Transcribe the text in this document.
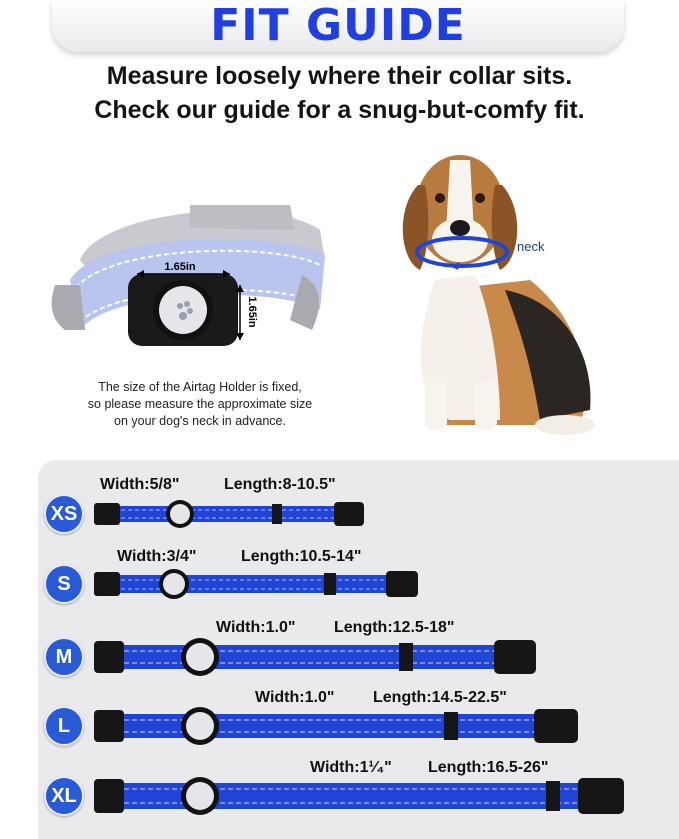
FIT GUIDE
Measure loosely where their collar sits.
Check our guide for a snug-but-comfy fit.
1.65in
1.65in
The size of the Airtag Holder is fixed,
so please measure the approximate size
on your dog's neck in advance.
neck
Width:5/8"	Length:8-10.5"
XS
Width:3/4"	Length:10.5-14"
S
Width:1.0" Length:12.5-18"
M
Width:1.0" Length:14.5-22.5"
L
Width:1¹⁄₄" Length:16.5-26"
XL
